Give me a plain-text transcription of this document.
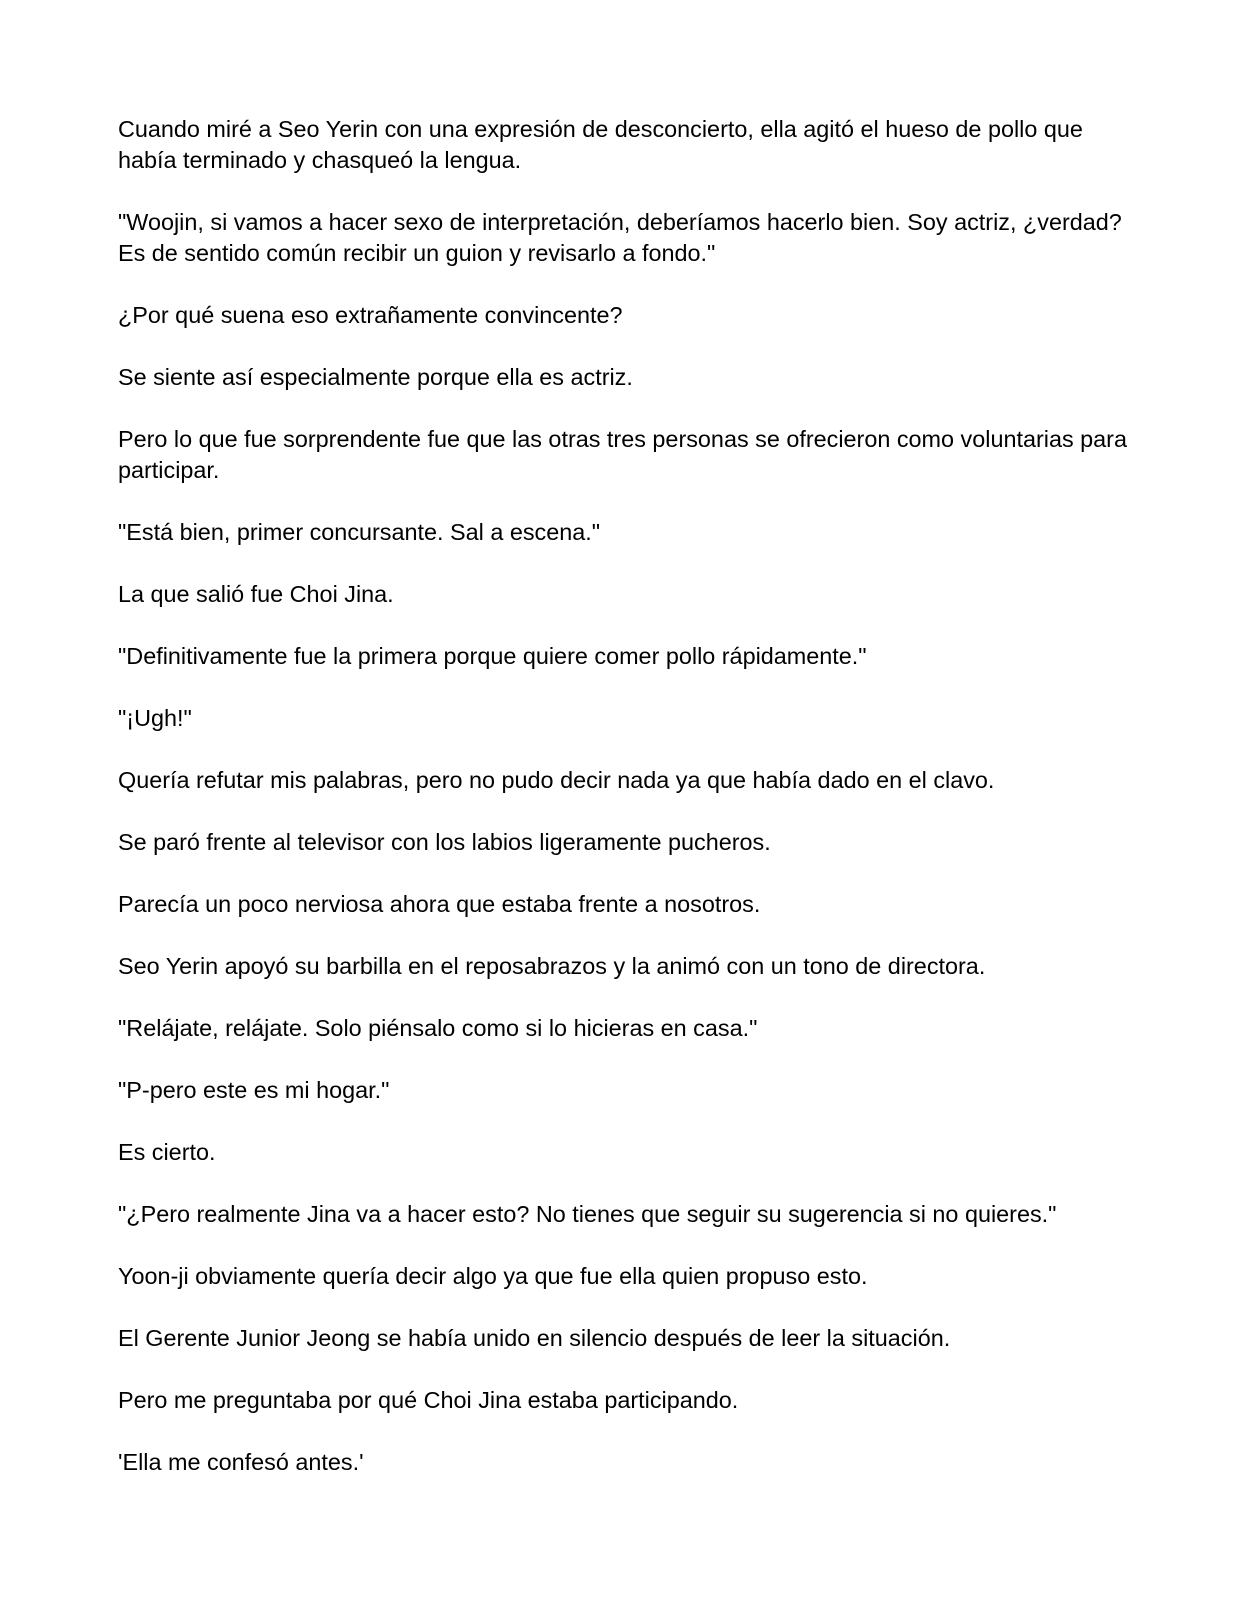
Cuando miré a Seo Yerin con una expresión de desconcierto, ella agitó el hueso de pollo que había terminado y chasqueó la lengua.

"Woojin, si vamos a hacer sexo de interpretación, deberíamos hacerlo bien. Soy actriz, ¿verdad? Es de sentido común recibir un guion y revisarlo a fondo."

¿Por qué suena eso extrañamente convincente?

Se siente así especialmente porque ella es actriz.

Pero lo que fue sorprendente fue que las otras tres personas se ofrecieron como voluntarias para participar.

"Está bien, primer concursante. Sal a escena."

La que salió fue Choi Jina.

"Definitivamente fue la primera porque quiere comer pollo rápidamente."

"¡Ugh!"

Quería refutar mis palabras, pero no pudo decir nada ya que había dado en el clavo.

Se paró frente al televisor con los labios ligeramente pucheros.

Parecía un poco nerviosa ahora que estaba frente a nosotros.

Seo Yerin apoyó su barbilla en el reposabrazos y la animó con un tono de directora.

"Relájate, relájate. Solo piénsalo como si lo hicieras en casa."

"P-pero este es mi hogar."

Es cierto.

"¿Pero realmente Jina va a hacer esto? No tienes que seguir su sugerencia si no quieres."

Yoon-ji obviamente quería decir algo ya que fue ella quien propuso esto.

El Gerente Junior Jeong se había unido en silencio después de leer la situación.

Pero me preguntaba por qué Choi Jina estaba participando.

'Ella me confesó antes.'
